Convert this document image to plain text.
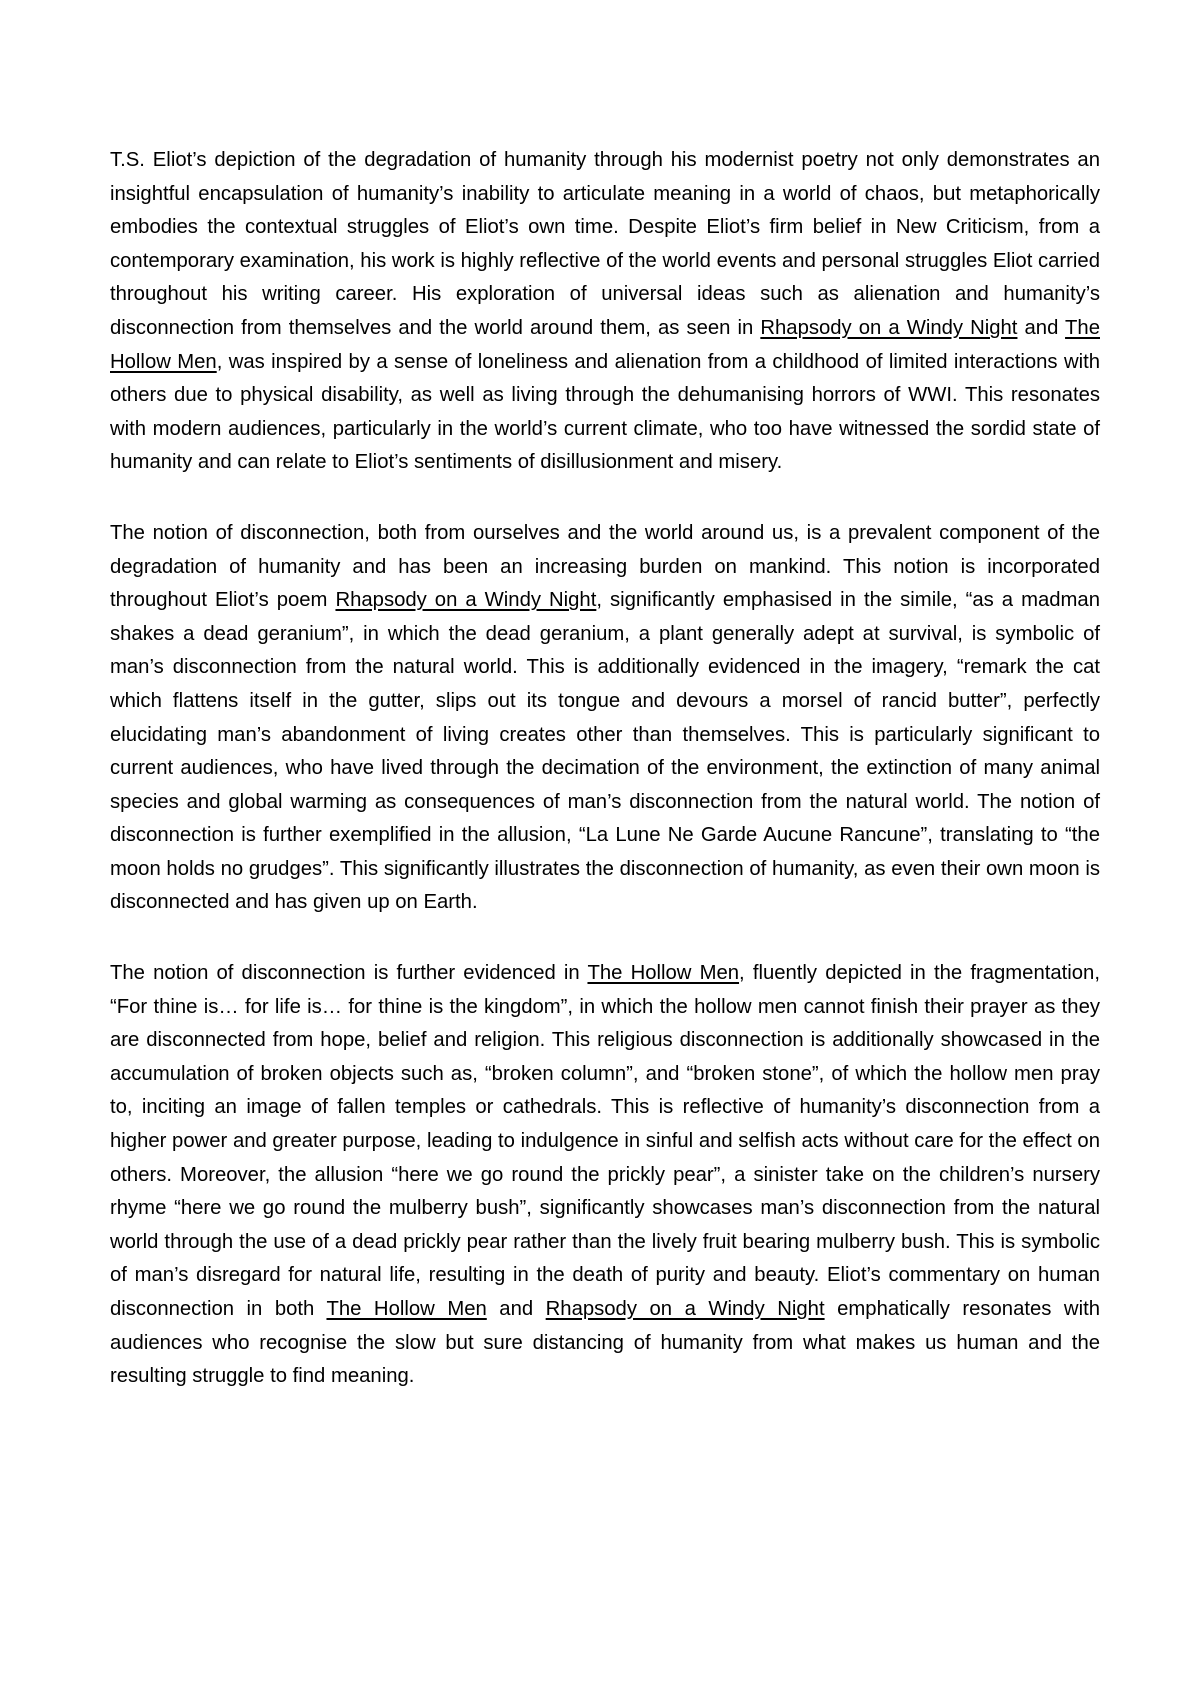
T.S. Eliot’s depiction of the degradation of humanity through his modernist poetry not only demonstrates an insightful encapsulation of humanity’s inability to articulate meaning in a world of chaos, but metaphorically embodies the contextual struggles of Eliot’s own time. Despite Eliot’s firm belief in New Criticism, from a contemporary examination, his work is highly reflective of the world events and personal struggles Eliot carried throughout his writing career. His exploration of universal ideas such as alienation and humanity’s disconnection from themselves and the world around them, as seen in Rhapsody on a Windy Night and The Hollow Men, was inspired by a sense of loneliness and alienation from a childhood of limited interactions with others due to physical disability, as well as living through the dehumanising horrors of WWI. This resonates with modern audiences, particularly in the world’s current climate, who too have witnessed the sordid state of humanity and can relate to Eliot’s sentiments of disillusionment and misery.

The notion of disconnection, both from ourselves and the world around us, is a prevalent component of the degradation of humanity and has been an increasing burden on mankind. This notion is incorporated throughout Eliot’s poem Rhapsody on a Windy Night, significantly emphasised in the simile, “as a madman shakes a dead geranium”, in which the dead geranium, a plant generally adept at survival, is symbolic of man’s disconnection from the natural world. This is additionally evidenced in the imagery, “remark the cat which flattens itself in the gutter, slips out its tongue and devours a morsel of rancid butter”, perfectly elucidating man’s abandonment of living creates other than themselves. This is particularly significant to current audiences, who have lived through the decimation of the environment, the extinction of many animal species and global warming as consequences of man’s disconnection from the natural world. The notion of disconnection is further exemplified in the allusion, “La Lune Ne Garde Aucune Rancune”, translating to “the moon holds no grudges”. This significantly illustrates the disconnection of humanity, as even their own moon is disconnected and has given up on Earth.

The notion of disconnection is further evidenced in The Hollow Men, fluently depicted in the fragmentation, “For thine is… for life is… for thine is the kingdom”, in which the hollow men cannot finish their prayer as they are disconnected from hope, belief and religion. This religious disconnection is additionally showcased in the accumulation of broken objects such as, “broken column”, and “broken stone”, of which the hollow men pray to, inciting an image of fallen temples or cathedrals. This is reflective of humanity’s disconnection from a higher power and greater purpose, leading to indulgence in sinful and selfish acts without care for the effect on others. Moreover, the allusion “here we go round the prickly pear”, a sinister take on the children’s nursery rhyme “here we go round the mulberry bush”, significantly showcases man’s disconnection from the natural world through the use of a dead prickly pear rather than the lively fruit bearing mulberry bush. This is symbolic of man’s disregard for natural life, resulting in the death of purity and beauty. Eliot’s commentary on human disconnection in both The Hollow Men and Rhapsody on a Windy Night emphatically resonates with audiences who recognise the slow but sure distancing of humanity from what makes us human and the resulting struggle to find meaning.
